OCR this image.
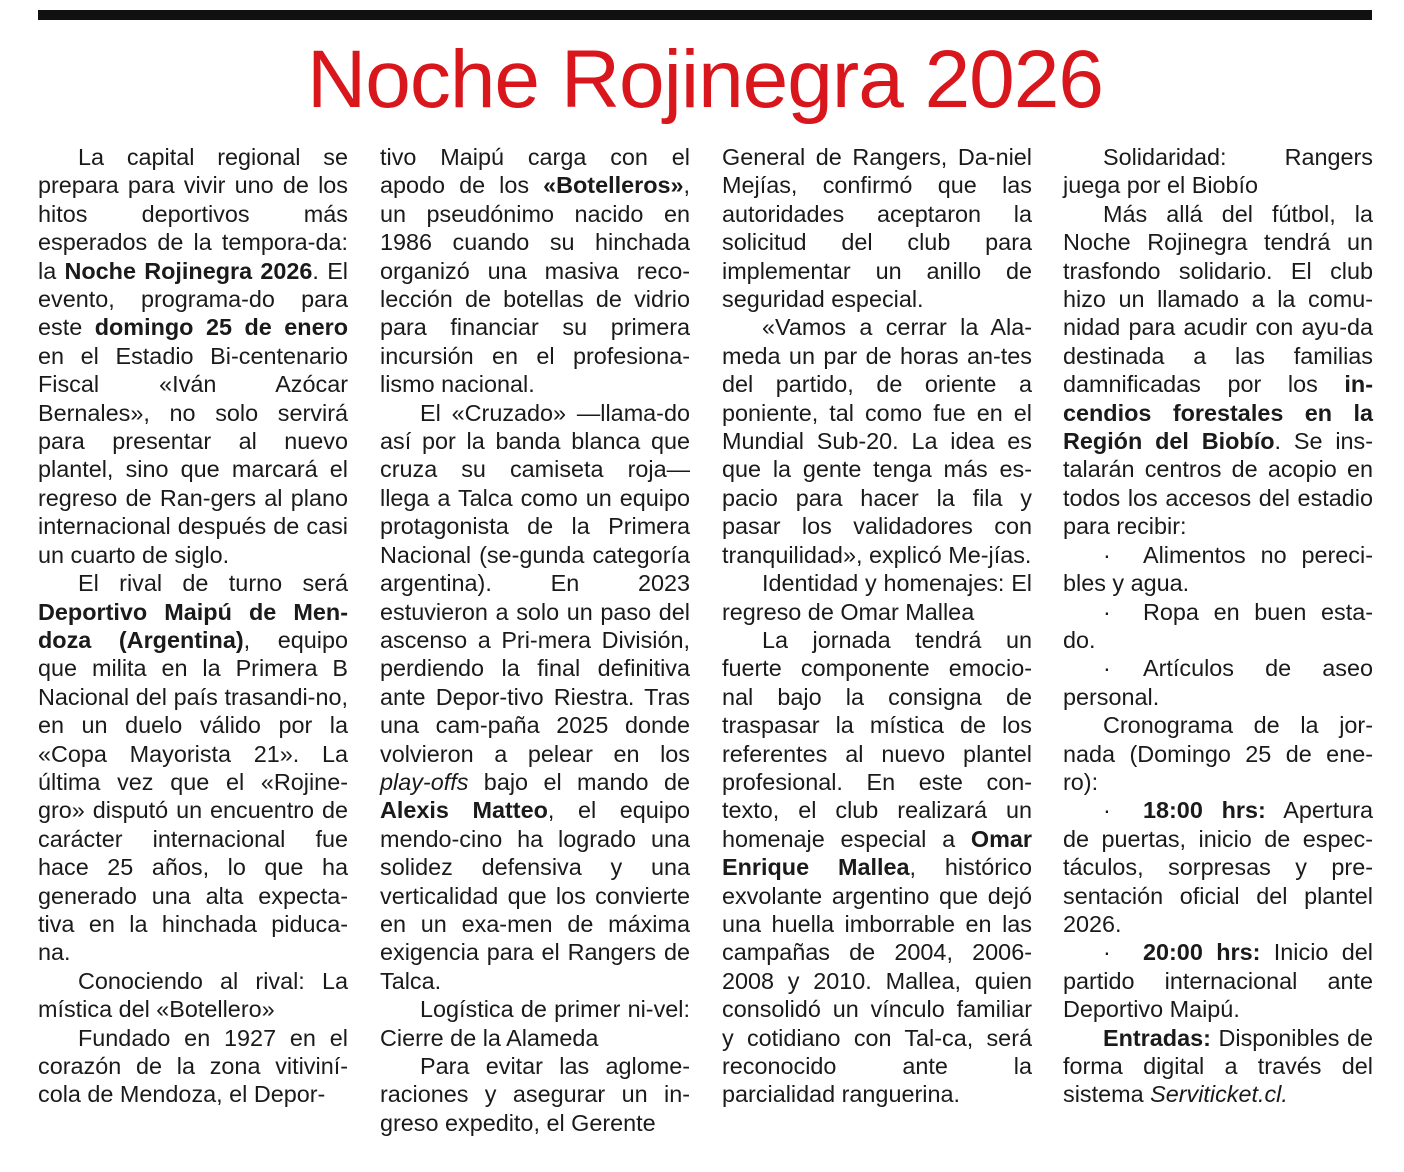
Noche Rojinegra 2026

La capital regional se prepara para vivir uno de los hitos deportivos más esperados de la tempora-da: la Noche Rojinegra 2026. El evento, programa-do para este domingo 25 de enero en el Estadio Bi-centenario Fiscal «Iván Azócar Bernales», no solo servirá para presentar al nuevo plantel, sino que marcará el regreso de Ran-gers al plano internacional después de casi un cuarto de siglo.

El rival de turno será Deportivo Maipú de Men-doza (Argentina), equipo que milita en la Primera B Nacional del país trasandi-no, en un duelo válido por la «Copa Mayorista 21». La última vez que el «Rojine-gro» disputó un encuentro de carácter internacional fue hace 25 años, lo que ha generado una alta expecta-tiva en la hinchada piduca-na.

Conociendo al rival: La mística del «Botellero»

Fundado en 1927 en el corazón de la zona vitiviní-cola de Mendoza, el Depor-

tivo Maipú carga con el apodo de los «Botelleros», un pseudónimo nacido en 1986 cuando su hinchada organizó una masiva reco-lección de botellas de vidrio para financiar su primera incursión en el profesiona-lismo nacional.

El «Cruzado» —llama-do así por la banda blanca que cruza su camiseta roja— llega a Talca como un equipo protagonista de la Primera Nacional (se-gunda categoría argentina). En 2023 estuvieron a solo un paso del ascenso a Pri-mera División, perdiendo la final definitiva ante Depor-tivo Riestra. Tras una cam-paña 2025 donde volvieron a pelear en los play-offs bajo el mando de Alexis Matteo, el equipo mendo-cino ha logrado una solidez defensiva y una verticalidad que los convierte en un exa-men de máxima exigencia para el Rangers de Talca.

Logística de primer ni-vel: Cierre de la Alameda

Para evitar las aglome-raciones y asegurar un in-greso expedito, el Gerente

General de Rangers, Da-niel Mejías, confirmó que las autoridades aceptaron la solicitud del club para implementar un anillo de seguridad especial.

«Vamos a cerrar la Ala-meda un par de horas an-tes del partido, de oriente a poniente, tal como fue en el Mundial Sub-20. La idea es que la gente tenga más es-pacio para hacer la fila y pasar los validadores con tranquilidad», explicó Me-jías.

Identidad y homenajes: El regreso de Omar Mallea

La jornada tendrá un fuerte componente emocio-nal bajo la consigna de traspasar la mística de los referentes al nuevo plantel profesional. En este con-texto, el club realizará un homenaje especial a Omar Enrique Mallea, histórico exvolante argentino que dejó una huella imborrable en las campañas de 2004, 2006-2008 y 2010. Mallea, quien consolidó un vínculo familiar y cotidiano con Tal-ca, será reconocido ante la parcialidad ranguerina.

Solidaridad: Rangers juega por el Biobío

Más allá del fútbol, la Noche Rojinegra tendrá un trasfondo solidario. El club hizo un llamado a la comu-nidad para acudir con ayu-da destinada a las familias damnificadas por los in-cendios forestales en la Región del Biobío. Se ins-talarán centros de acopio en todos los accesos del estadio para recibir:

· Alimentos no pereci-bles y agua.

· Ropa en buen esta-do.

· Artículos de aseo personal.

Cronograma de la jor-nada (Domingo 25 de ene-ro):

· 18:00 hrs: Apertura de puertas, inicio de espec-táculos, sorpresas y pre-sentación oficial del plantel 2026.

· 20:00 hrs: Inicio del partido internacional ante Deportivo Maipú.

Entradas: Disponibles de forma digital a través del sistema Serviticket.cl.
